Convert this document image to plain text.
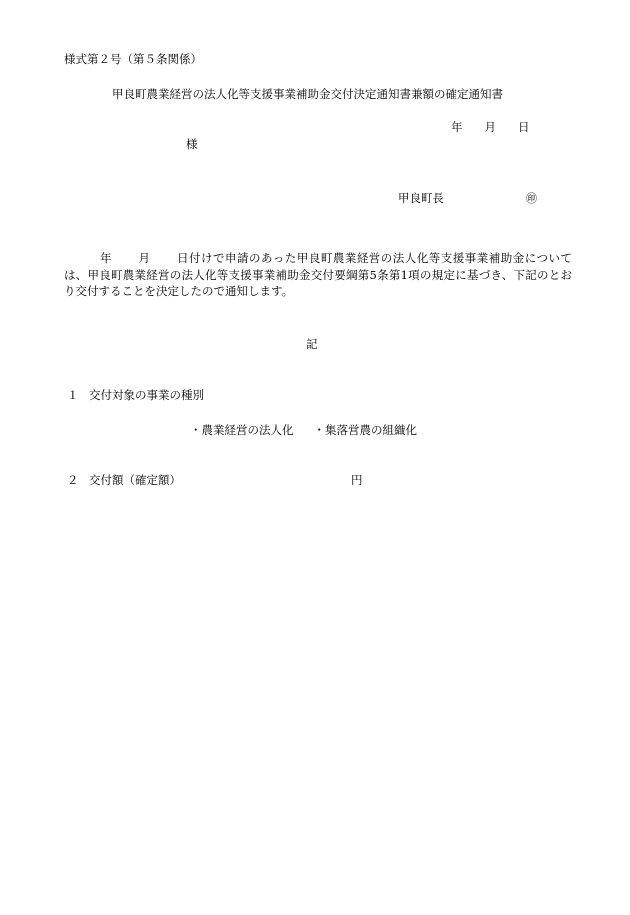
様式第２号（第５条関係）
甲良町農業経営の法人化等支援事業補助金交付決定通知書兼額の確定通知書
年 月 日
様
甲良町長	㊞

年 月 日付けで申請のあった甲良町農業経営の法人化等支援事業補助金については、甲良町農業経営の法人化等支援事業補助金交付要綱第5条第1項の規定に基づき、下記のとおり交付することを決定したので通知します。

記
１ 交付対象の事業の種別
・農業経営の法人化 ・集落営農の組織化
２ 交付額（確定額）	円
